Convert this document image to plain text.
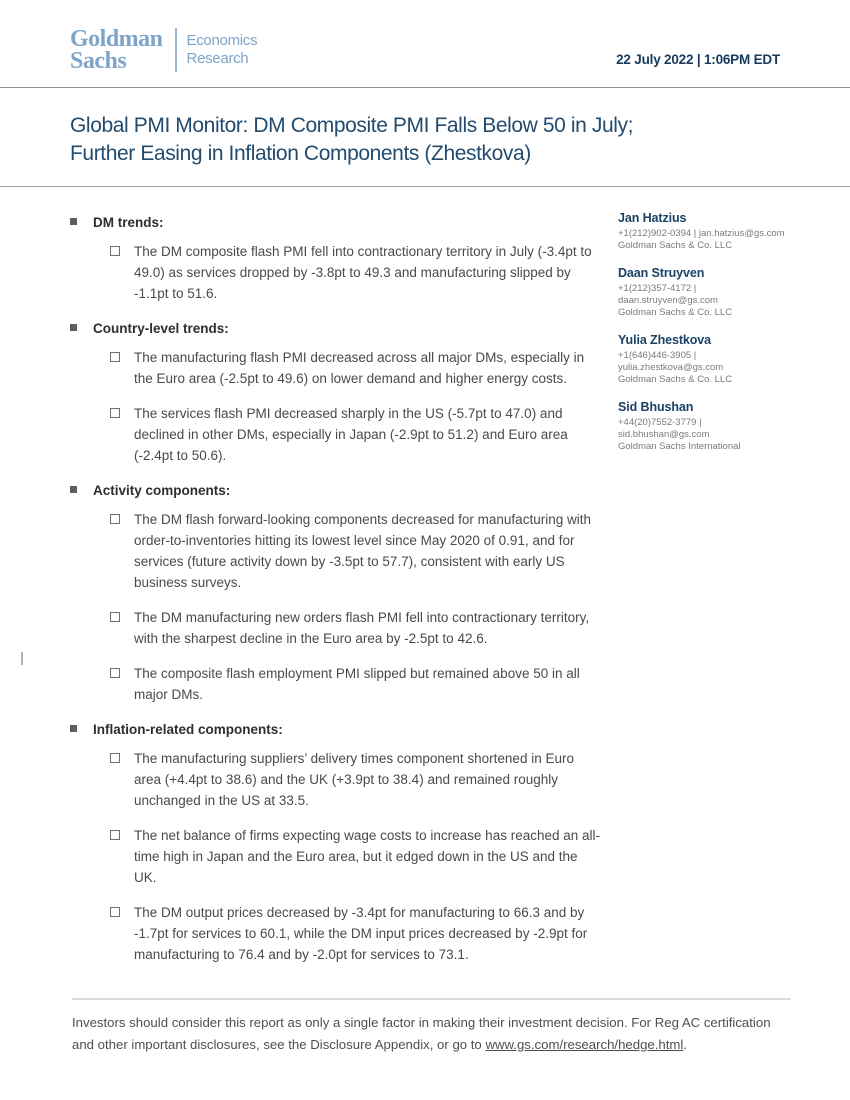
Goldman
Sachs
Economics
Research	22 July 2022 | 1:06PM EDT
Global PMI Monitor: DM Composite PMI Falls Below 50 in July;
Further Easing in Inflation Components (Zhestkova)
DM trends:
The DM composite flash PMI fell into contractionary territory in July (-3.4pt to 49.0) as services dropped by -3.8pt to 49.3 and manufacturing slipped by -1.1pt to 51.6.
Country-level trends:
The manufacturing flash PMI decreased across all major DMs, especially in the Euro area (-2.5pt to 49.6) on lower demand and higher energy costs.
The services flash PMI decreased sharply in the US (-5.7pt to 47.0) and declined in other DMs, especially in Japan (-2.9pt to 51.2) and Euro area (-2.4pt to 50.6).
Activity components:
The DM flash forward-looking components decreased for manufacturing with order-to-inventories hitting its lowest level since May 2020 of 0.91, and for services (future activity down by -3.5pt to 57.7), consistent with early US business surveys.
The DM manufacturing new orders flash PMI fell into contractionary territory, with the sharpest decline in the Euro area by -2.5pt to 42.6.
The composite flash employment PMI slipped but remained above 50 in all major DMs.
Inflation-related components:
The manufacturing suppliers’ delivery times component shortened in Euro area (+4.4pt to 38.6) and the UK (+3.9pt to 38.4) and remained roughly unchanged in the US at 33.5.
The net balance of firms expecting wage costs to increase has reached an all-time high in Japan and the Euro area, but it edged down in the US and the UK.
The DM output prices decreased by -3.4pt for manufacturing to 66.3 and by -1.7pt for services to 60.1, while the DM input prices decreased by -2.9pt for manufacturing to 76.4 and by -2.0pt for services to 73.1.
Jan Hatzius
+1(212)902-0394 | jan.hatzius@gs.com
Goldman Sachs & Co. LLC
Daan Struyven
+1(212)357-4172 |
daan.struyven@gs.com
Goldman Sachs & Co. LLC
Yulia Zhestkova
+1(646)446-3905 |
yulia.zhestkova@gs.com
Goldman Sachs & Co. LLC
Sid Bhushan
+44(20)7552-3779 |
sid.bhushan@gs.com
Goldman Sachs International
Investors should consider this report as only a single factor in making their investment decision. For Reg AC certification and other important disclosures, see the Disclosure Appendix, or go to www.gs.com/research/hedge.html.
